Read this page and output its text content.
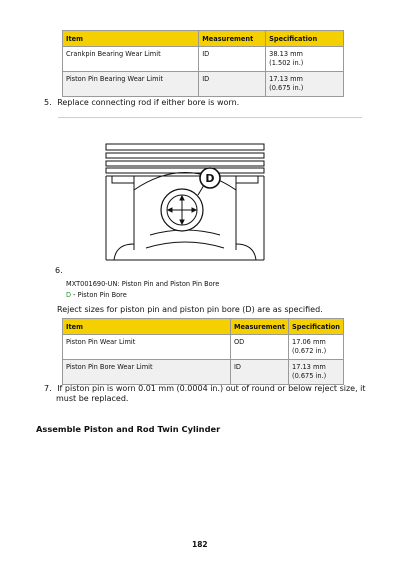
Item	Measurement	Specification
Crankpin Bearing Wear Limit	ID	38.13 mm
(1.502 in.)
Piston Pin Bearing Wear Limit	ID	17.13 mm
(0.675 in.)
5. Replace connecting rod if either bore is worn.
D
6.
MXT001690-UN: Piston Pin and Piston Pin Bore
D - Piston Pin Bore
Reject sizes for piston pin and piston pin bore (D) are as specified.
Item	Measurement	Specification
Piston Pin Wear Limit	OD	17.06 mm
(0.672 in.)
Piston Pin Bore Wear Limit	ID	17.13 mm
(0.675 in.)
7. If piston pin is worn 0.01 mm (0.0004 in.) out of round or below reject size, it
must be replaced.
Assemble Piston and Rod Twin Cylinder
182
